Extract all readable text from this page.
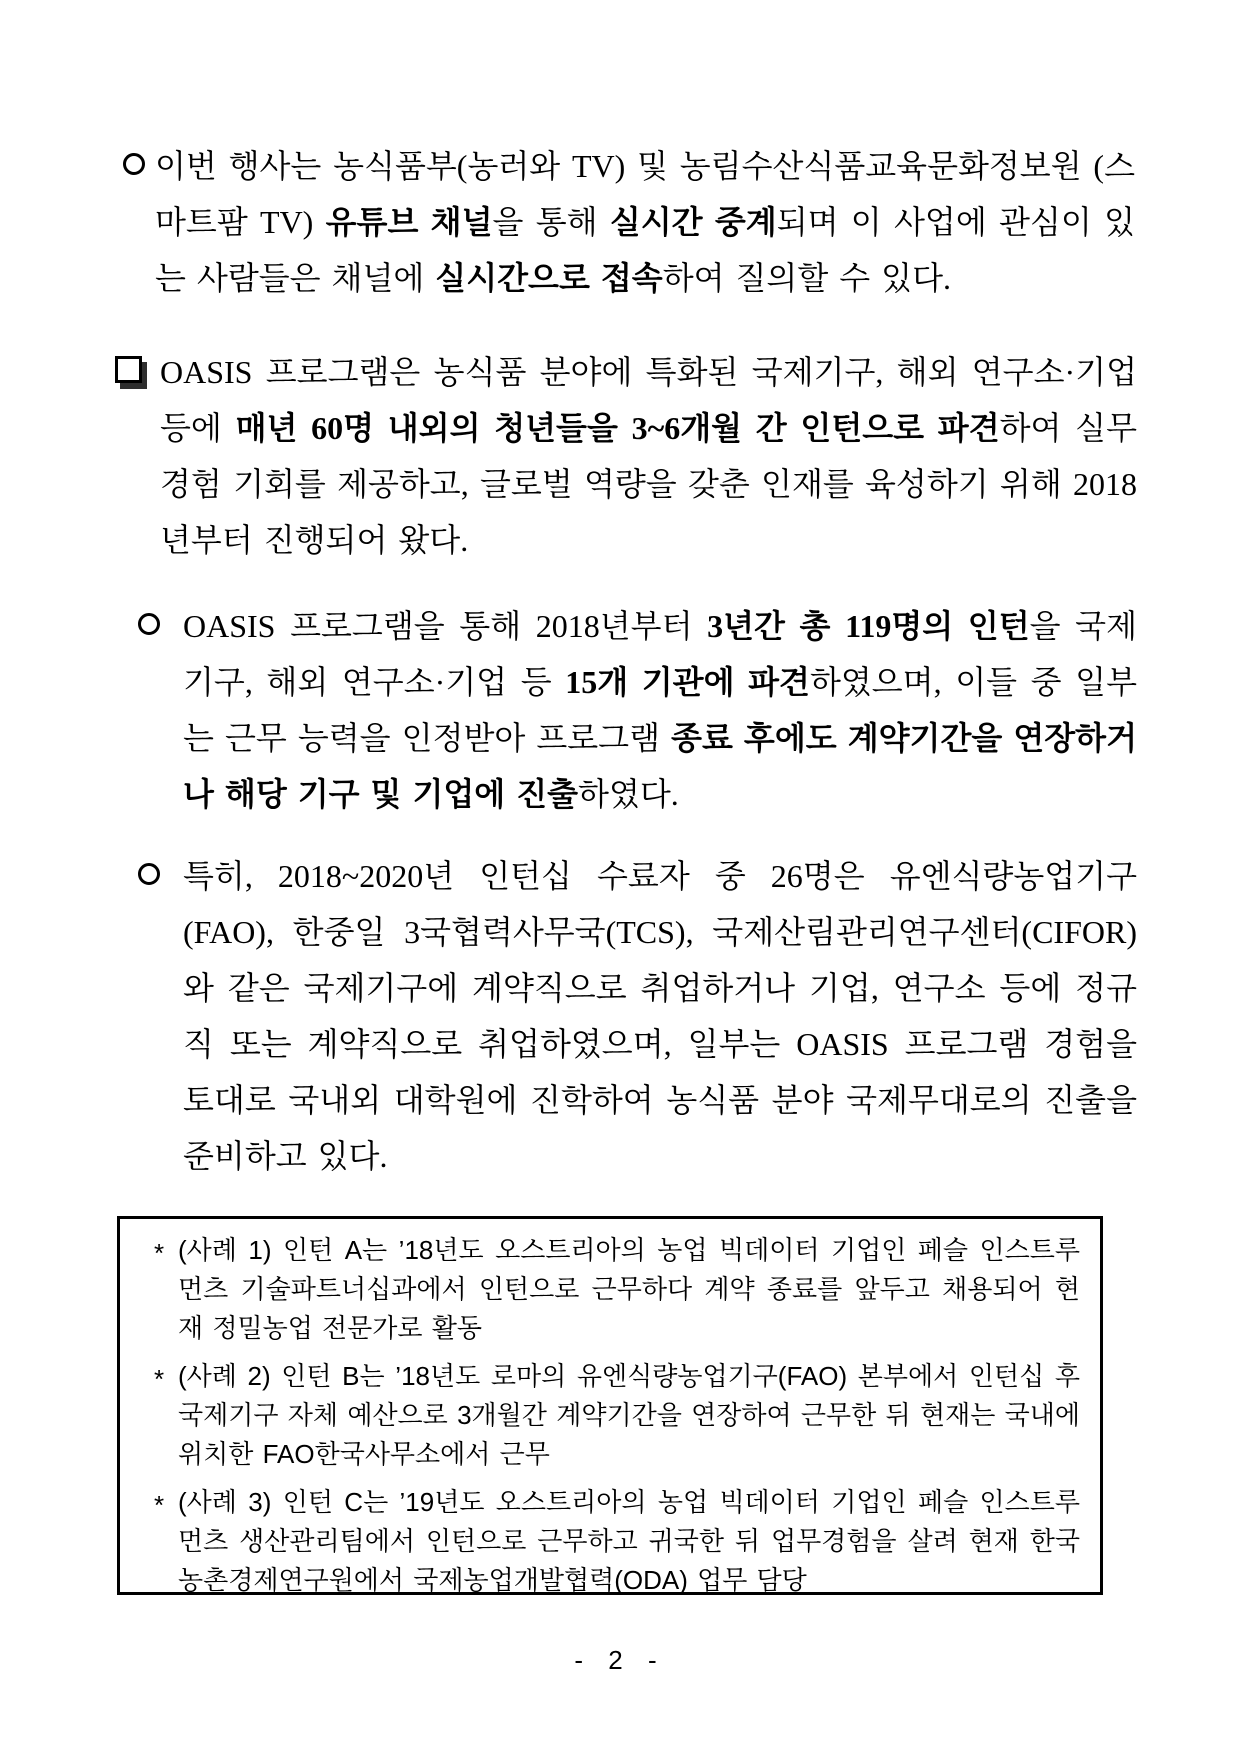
이번 행사는 농식품부(농러와 TV) 및 농림수산식품교육문화정보원 (스마트팜 TV) 유튜브 채널을 통해 실시간 중계되며 이 사업에 관심이 있는 사람들은 채널에 실시간으로 접속하여 질의할 수 있다.

OASIS 프로그램은 농식품 분야에 특화된 국제기구, 해외 연구소·기업 등에 매년 60명 내외의 청년들을 3~6개월 간 인턴으로 파견하여 실무 경험 기회를 제공하고, 글로벌 역량을 갖춘 인재를 육성하기 위해 2018년부터 진행되어 왔다.

OASIS 프로그램을 통해 2018년부터 3년간 총 119명의 인턴을 국제기구, 해외 연구소·기업 등 15개 기관에 파견하였으며, 이들 중 일부는 근무 능력을 인정받아 프로그램 종료 후에도 계약기간을 연장하거나 해당 기구 및 기업에 진출하였다.

특히, 2018~2020년 인턴십 수료자 중 26명은 유엔식량농업기구(FAO), 한중일 3국협력사무국(TCS), 국제산림관리연구센터(CIFOR)와 같은 국제기구에 계약직으로 취업하거나 기업, 연구소 등에 정규직 또는 계약직으로 취업하였으며, 일부는 OASIS 프로그램 경험을 토대로 국내외 대학원에 진학하여 농식품 분야 국제무대로의 진출을 준비하고 있다.

* (사례 1) 인턴 A는 ’18년도 오스트리아의 농업 빅데이터 기업인 페슬 인스트루먼츠 기술파트너십과에서 인턴으로 근무하다 계약 종료를 앞두고 채용되어 현재 정밀농업 전문가로 활동

* (사례 2) 인턴 B는 ’18년도 로마의 유엔식량농업기구(FAO) 본부에서 인턴십 후 국제기구 자체 예산으로 3개월간 계약기간을 연장하여 근무한 뒤 현재는 국내에 위치한 FAO한국사무소에서 근무

* (사례 3) 인턴 C는 ’19년도 오스트리아의 농업 빅데이터 기업인 페슬 인스트루먼츠 생산관리팀에서 인턴으로 근무하고 귀국한 뒤 업무경험을 살려 현재 한국농촌경제연구원에서 국제농업개발협력(ODA) 업무 담당

- 2 -
